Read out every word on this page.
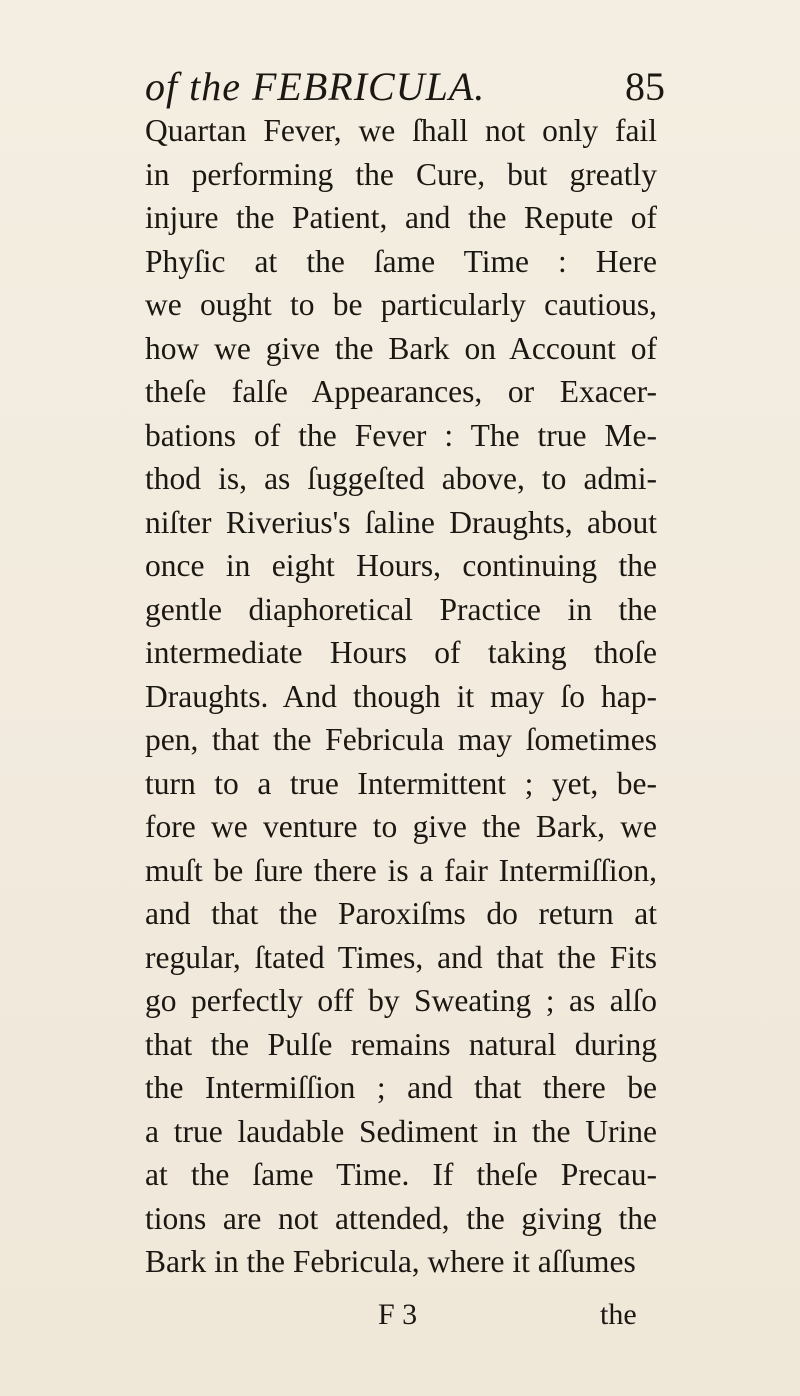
of the FEBRICULA.	85
Quartan Fever, we ſhall not only fail
in performing the Cure, but greatly
injure the Patient, and the Repute of
Phyſic at the ſame Time : Here
we ought to be particularly cautious,
how we give the Bark on Account of
theſe falſe Appearances, or Exacer-
bations of the Fever : The true Me-
thod is, as ſuggeſted above, to admi-
niſter Riverius's ſaline Draughts, about
once in eight Hours, continuing the
gentle diaphoretical Practice in the
intermediate Hours of taking thoſe
Draughts. And though it may ſo hap-
pen, that the Febricula may ſometimes
turn to a true Intermittent ; yet, be-
fore we venture to give the Bark, we
muſt be ſure there is a fair Intermiſſion,
and that the Paroxiſms do return at
regular, ſtated Times, and that the Fits
go perfectly off by Sweating ; as alſo
that the Pulſe remains natural during
the Intermiſſion ; and that there be
a true laudable Sediment in the Urine
at the ſame Time. If theſe Precau-
tions are not attended, the giving the
Bark in the Febricula, where it aſſumes
F 3	the
